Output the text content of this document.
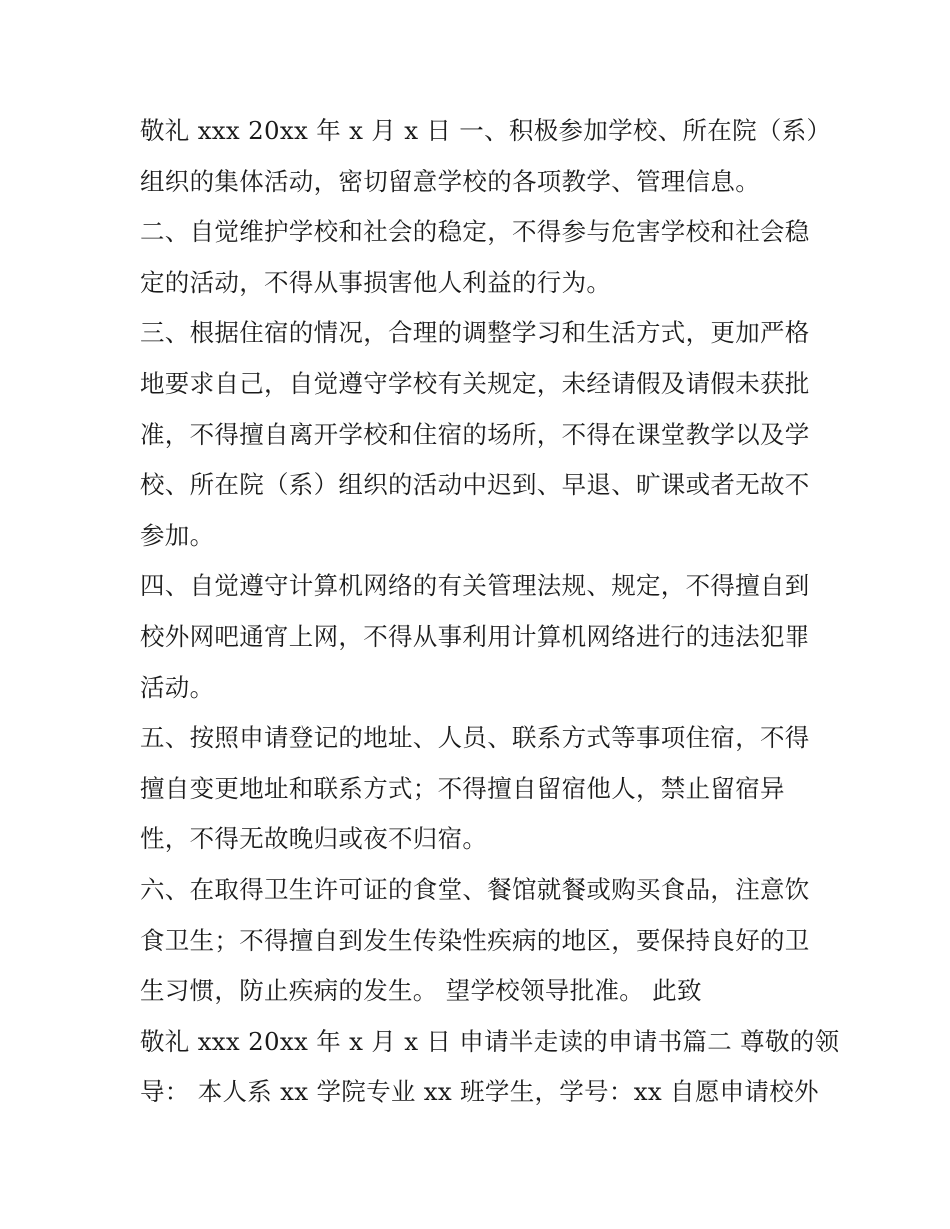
敬礼 xxx 20xx 年 x 月 x 日 一、积极参加学校、所在院（系）
组织的集体活动，密切留意学校的各项教学、管理信息。
二、自觉维护学校和社会的稳定，不得参与危害学校和社会稳
定的活动，不得从事损害他人利益的行为。
三、根据住宿的情况，合理的调整学习和生活方式，更加严格
地要求自己，自觉遵守学校有关规定，未经请假及请假未获批
准，不得擅自离开学校和住宿的场所，不得在课堂教学以及学
校、所在院（系）组织的活动中迟到、早退、旷课或者无故不
参加。
四、自觉遵守计算机网络的有关管理法规、规定，不得擅自到
校外网吧通宵上网，不得从事利用计算机网络进行的违法犯罪
活动。
五、按照申请登记的地址、人员、联系方式等事项住宿，不得
擅自变更地址和联系方式；不得擅自留宿他人，禁止留宿异
性，不得无故晚归或夜不归宿。
六、在取得卫生许可证的食堂、餐馆就餐或购买食品，注意饮
食卫生；不得擅自到发生传染性疾病的地区，要保持良好的卫
生习惯，防止疾病的发生。 望学校领导批准。 此致
敬礼 xxx 20xx 年 x 月 x 日 申请半走读的申请书篇二 尊敬的领
导： 本人系 xx 学院专业 xx 班学生，学号：xx 自愿申请校外
